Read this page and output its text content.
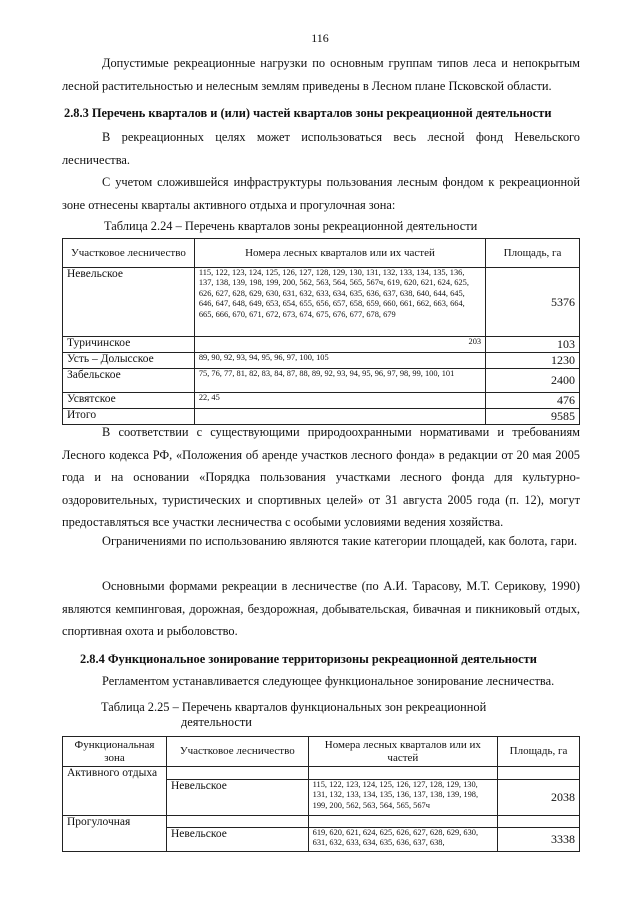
116

Допустимые рекреационные нагрузки по основным группам типов леса и непокрытым лесной растительностью и нелесным землям приведены в Лесном плане Псковской области.

2.8.3 Перечень кварталов и (или) частей кварталов зоны рекреационной деятельности

В рекреационных целях может использоваться весь лесной фонд Невельского лесничества.

С учетом сложившейся инфраструктуры пользования лесным фондом к рекреационной зоне отнесены кварталы активного отдыха и прогулочная зона:

Таблица 2.24 – Перечень кварталов зоны рекреационной деятельности

Участковое лесничество	Номера лесных кварталов или их частей	Площадь, га
Невельское	115, 122, 123, 124, 125, 126, 127, 128, 129, 130, 131, 132, 133, 134, 135, 136, 137, 138, 139, 198, 199, 200, 562, 563, 564, 565, 567ч, 619, 620, 621, 624, 625, 626, 627, 628, 629, 630, 631, 632, 633, 634, 635, 636, 637, 638, 640, 644, 645, 646, 647, 648, 649, 653, 654, 655, 656, 657, 658, 659, 660, 661, 662, 663, 664, 665, 666, 670, 671, 672, 673, 674, 675, 676, 677, 678, 679	5376
Туричинское	203	103
Усть – Долысское	89, 90, 92, 93, 94, 95, 96, 97, 100, 105	1230
Забельское	75, 76, 77, 81, 82, 83, 84, 87, 88, 89, 92, 93, 94, 95, 96, 97, 98, 99, 100, 101	2400
Усвятское	22, 45	476
Итого		9585

В соответствии с существующими природоохранными нормативами и требованиям Лесного кодекса РФ, «Положения об аренде участков лесного фонда» в редакции от 20 мая 2005 года и на основании «Порядка пользования участками лесного фонда для культурно-оздоровительных, туристических и спортивных целей» от 31 августа 2005 года (п. 12), могут предоставляться все участки лесничества с особыми условиями ведения хозяйства.

Ограничениями по использованию являются такие категории площадей, как болота, гари.

Основными формами рекреации в лесничестве (по А.И. Тарасову, М.Т. Серикову, 1990) являются кемпинговая, дорожная, бездорожная, добывательская, бивачная и пикниковый отдых, спортивная охота и рыболовство.

2.8.4 Функциональное зонирование территоризоны рекреационной деятельности

Регламентом устанавливается следующее функциональное зонирование лесничества.

Таблица 2.25 – Перечень кварталов функциональных зон рекреационной
деятельности

Функциональная зона	Участковое лесничество	Номера лесных кварталов или их частей	Площадь, га
Активного отдыха			
	Невельское	115, 122, 123, 124, 125, 126, 127, 128, 129, 130, 131, 132, 133, 134, 135, 136, 137, 138, 139, 198, 199, 200, 562, 563, 564, 565, 567ч	2038
Прогулочная			
	Невельское	619, 620, 621, 624, 625, 626, 627, 628, 629, 630, 631, 632, 633, 634, 635, 636, 637, 638,	3338
